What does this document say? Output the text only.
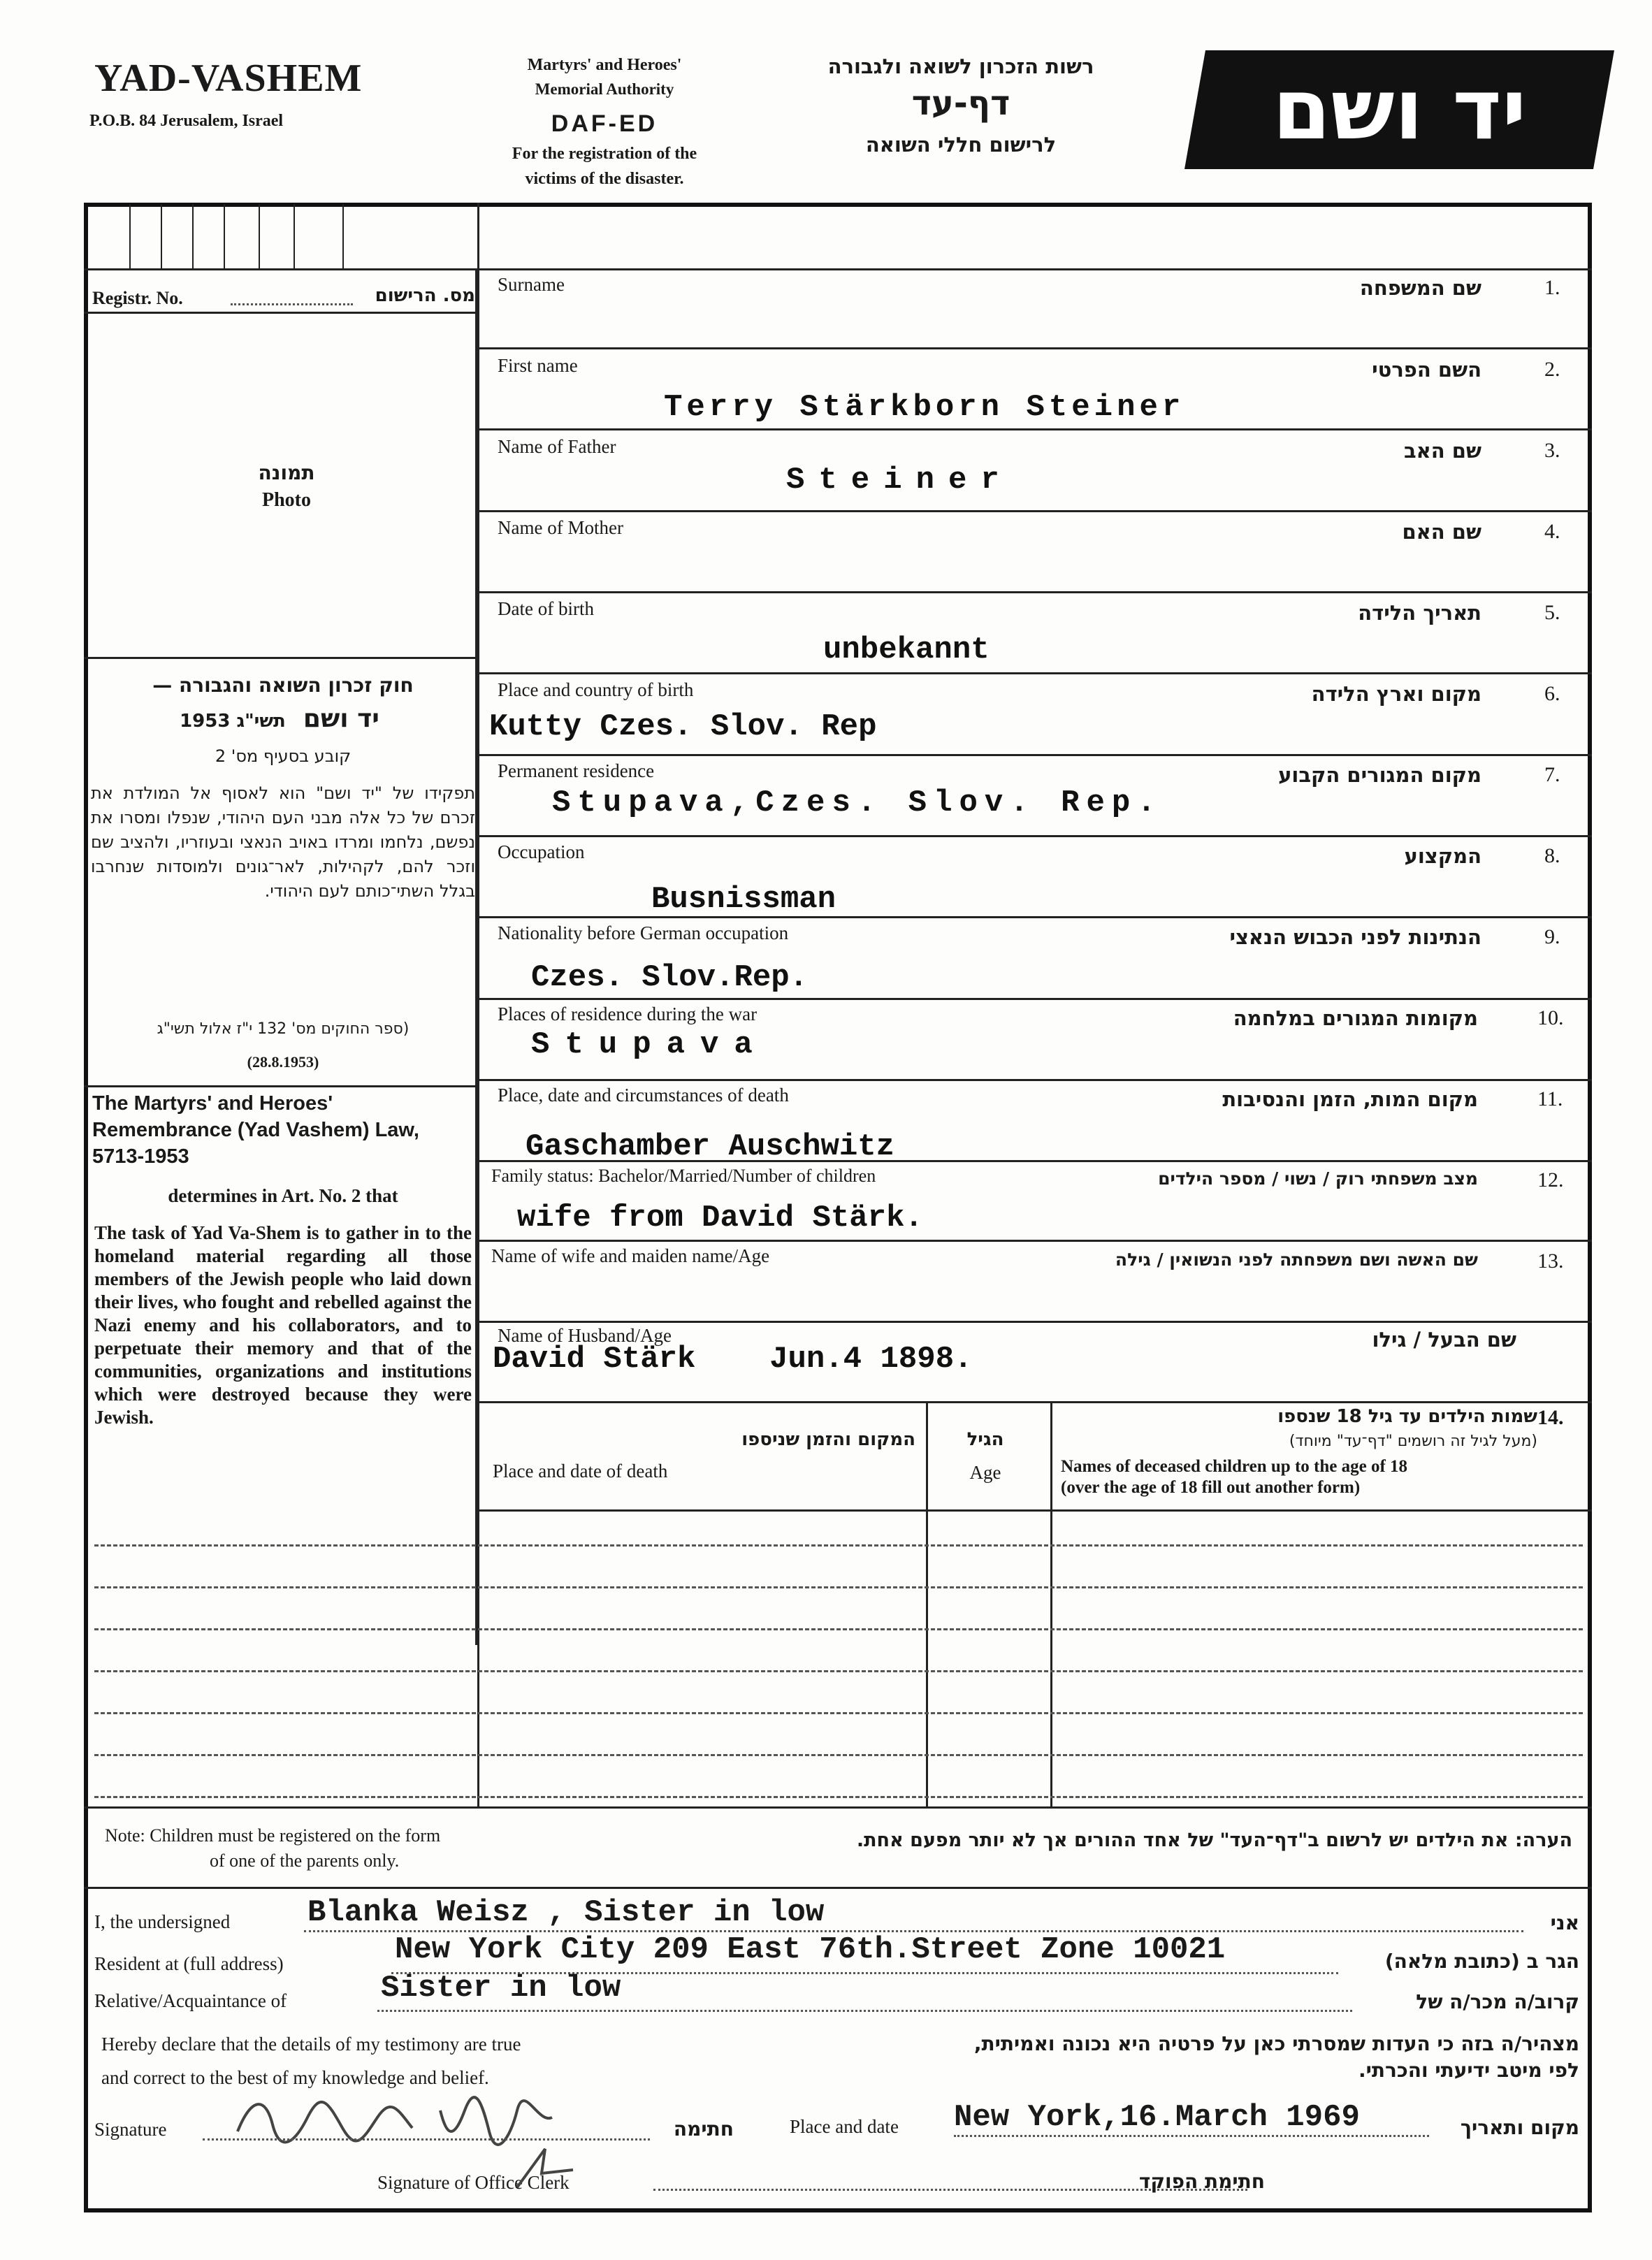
YAD-VASHEM
P.O.B. 84 Jerusalem, Israel
Martyrs' and Heroes'
Memorial Authority
DAF-ED
For the registration of the
victims of the disaster.
רשות הזכרון לשואה ולגבורה
דף-עד
לרישום חללי השואה	יד ושם
Registr. No.	מס. הרישום
תמונה
Photo
חוק זכרון השואה והגבורה —
יד ושם  תשי"ג 1953
קובע בסעיף מס' 2
תפקידו של "יד ושם" הוא לאסוף אל המולדת את זכרם של כל אלה מבני העם היהודי, שנפלו ומסרו את נפשם, נלחמו ומרדו באויב הנאצי ובעוזריו, ולהציב שם וזכר להם, לקהילות, לאר־גונים ולמוסדות שנחרבו בגלל השתי־כותם לעם היהודי.
(ספר החוקים מס' 132 י"ז אלול תשי"ג
(28.8.1953)
The Martyrs' and Heroes' Remembrance (Yad Vashem) Law, 5713-1953
determines in Art. No. 2 that
The task of Yad Va-Shem is to gather in to the homeland material regarding all those members of the Jewish people who laid down their lives, who fought and rebelled against the Nazi enemy and his collaborators, and to perpetuate their memory and that of the communities, organizations and institutions which were destroyed because they were Jewish.
Surname	שם המשפחה	1.
First name	השם הפרטי	2.
Terry Stärkborn Steiner
Name of Father	שם האב	3.
Steiner
Name of Mother	שם האם	4.
Date of birth	תאריך הלידה	5.
unbekannt
Place and country of birth	מקום וארץ הלידה	6.
Kutty Czes. Slov. Rep
Permanent residence	מקום המגורים הקבוע	7.
Stupava,Czes. Slov. Rep.
Occupation	המקצוע	8.
Busnissman
Nationality before German occupation	הנתינות לפני הכבוש הנאצי	9.
Czes. Slov.Rep.
Places of residence during the war	מקומות המגורים במלחמה	10.
Stupava
Place, date and circumstances of death	מקום המות, הזמן והנסיבות	11.
Gaschamber Auschwitz
Family status: Bachelor/Married/Number of children	מצב משפחתי רוק / נשוי / מספר הילדים	12.
wife from David Stärk.
Name of wife and maiden name/Age	שם האשה ושם משפחתה לפני הנשואין / גילה	13.
Name of Husband/Age	שם הבעל / גילו
David Stärk    Jun.4 1898.
Place and date of death
המקום והזמן שניספו	הגיל
Age
שמות הילדים עד גיל 18 שנספו 14.
(מעל לגיל זה רושמים "דף־עד" מיוחד)
Names of deceased children up to the age of 18
(over the age of 18 fill out another form)
Note: Children must be registered on the form
of one of the parents only.
הערה: את הילדים יש לרשום ב"דף־העד" של אחד ההורים אך לא יותר מפעם אחת.
I, the undersigned	Blanka Weisz , Sister in low	אני
Resident at (full address)	New York City 209 East 76th.Street Zone 10021	הגר ב (כתובת מלאה)
Relative/Acquaintance of	Sister in low	קרוב/ה מכר/ה של
Hereby declare that the details of my testimony are true
and correct to the best of my knowledge and belief.
מצהיר/ה בזה כי העדות שמסרתי כאן על פרטיה היא נכונה ואמיתית,
לפי מיטב ידיעתי והכרתי.
Signature	חתימה	Place and date New York,16.March 1969	מקום ותאריך
Signature of Office Clerk	חתימת הפוקד
